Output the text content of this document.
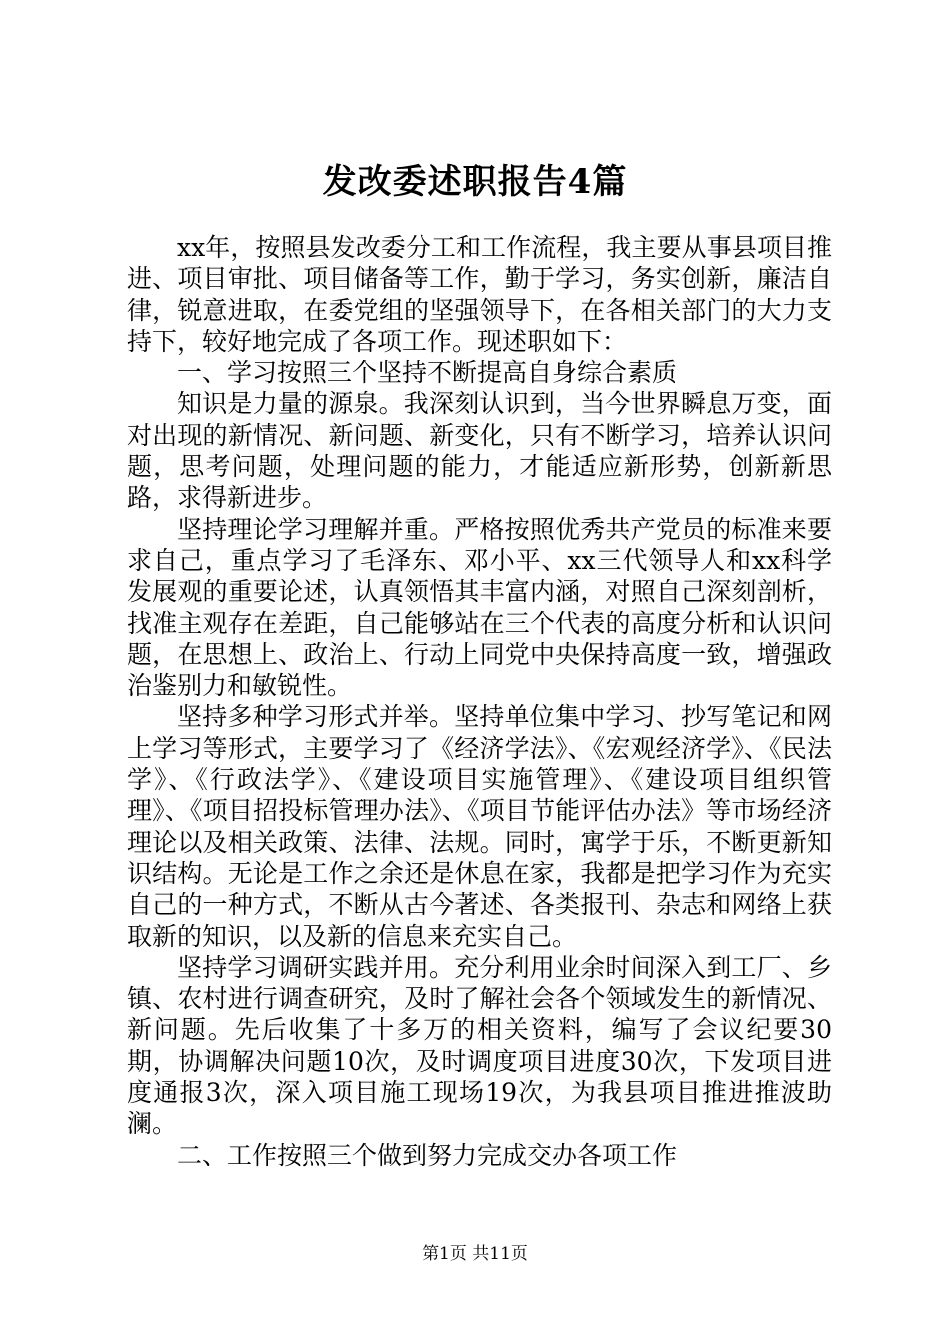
发改委述职报告4篇

xx年，按照县发改委分工和工作流程，我主要从事县项目推进、项目审批、项目储备等工作，勤于学习，务实创新，廉洁自律，锐意进取，在委党组的坚强领导下，在各相关部门的大力支持下，较好地完成了各项工作。现述职如下：

一、学习按照三个坚持不断提高自身综合素质

知识是力量的源泉。我深刻认识到，当今世界瞬息万变，面对出现的新情况、新问题、新变化，只有不断学习，培养认识问题，思考问题，处理问题的能力，才能适应新形势，创新新思路，求得新进步。

坚持理论学习理解并重。严格按照优秀共产党员的标准来要求自己，重点学习了毛泽东、邓小平、xx三代领导人和xx科学发展观的重要论述，认真领悟其丰富内涵，对照自己深刻剖析，找准主观存在差距，自己能够站在三个代表的高度分析和认识问题，在思想上、政治上、行动上同党中央保持高度一致，增强政治鉴别力和敏锐性。

坚持多种学习形式并举。坚持单位集中学习、抄写笔记和网上学习等形式，主要学习了《经济学法》、《宏观经济学》、《民法学》、《行政法学》、《建设项目实施管理》、《建设项目组织管理》、《项目招投标管理办法》、《项目节能评估办法》等市场经济理论以及相关政策、法律、法规。同时，寓学于乐，不断更新知识结构。无论是工作之余还是休息在家，我都是把学习作为充实自己的一种方式，不断从古今著述、各类报刊、杂志和网络上获取新的知识，以及新的信息来充实自己。

坚持学习调研实践并用。充分利用业余时间深入到工厂、乡镇、农村进行调查研究，及时了解社会各个领域发生的新情况、新问题。先后收集了十多万的相关资料，编写了会议纪要30期，协调解决问题10次，及时调度项目进度30次，下发项目进度通报3次，深入项目施工现场19次，为我县项目推进推波助澜。

二、工作按照三个做到努力完成交办各项工作

第1页 共11页
